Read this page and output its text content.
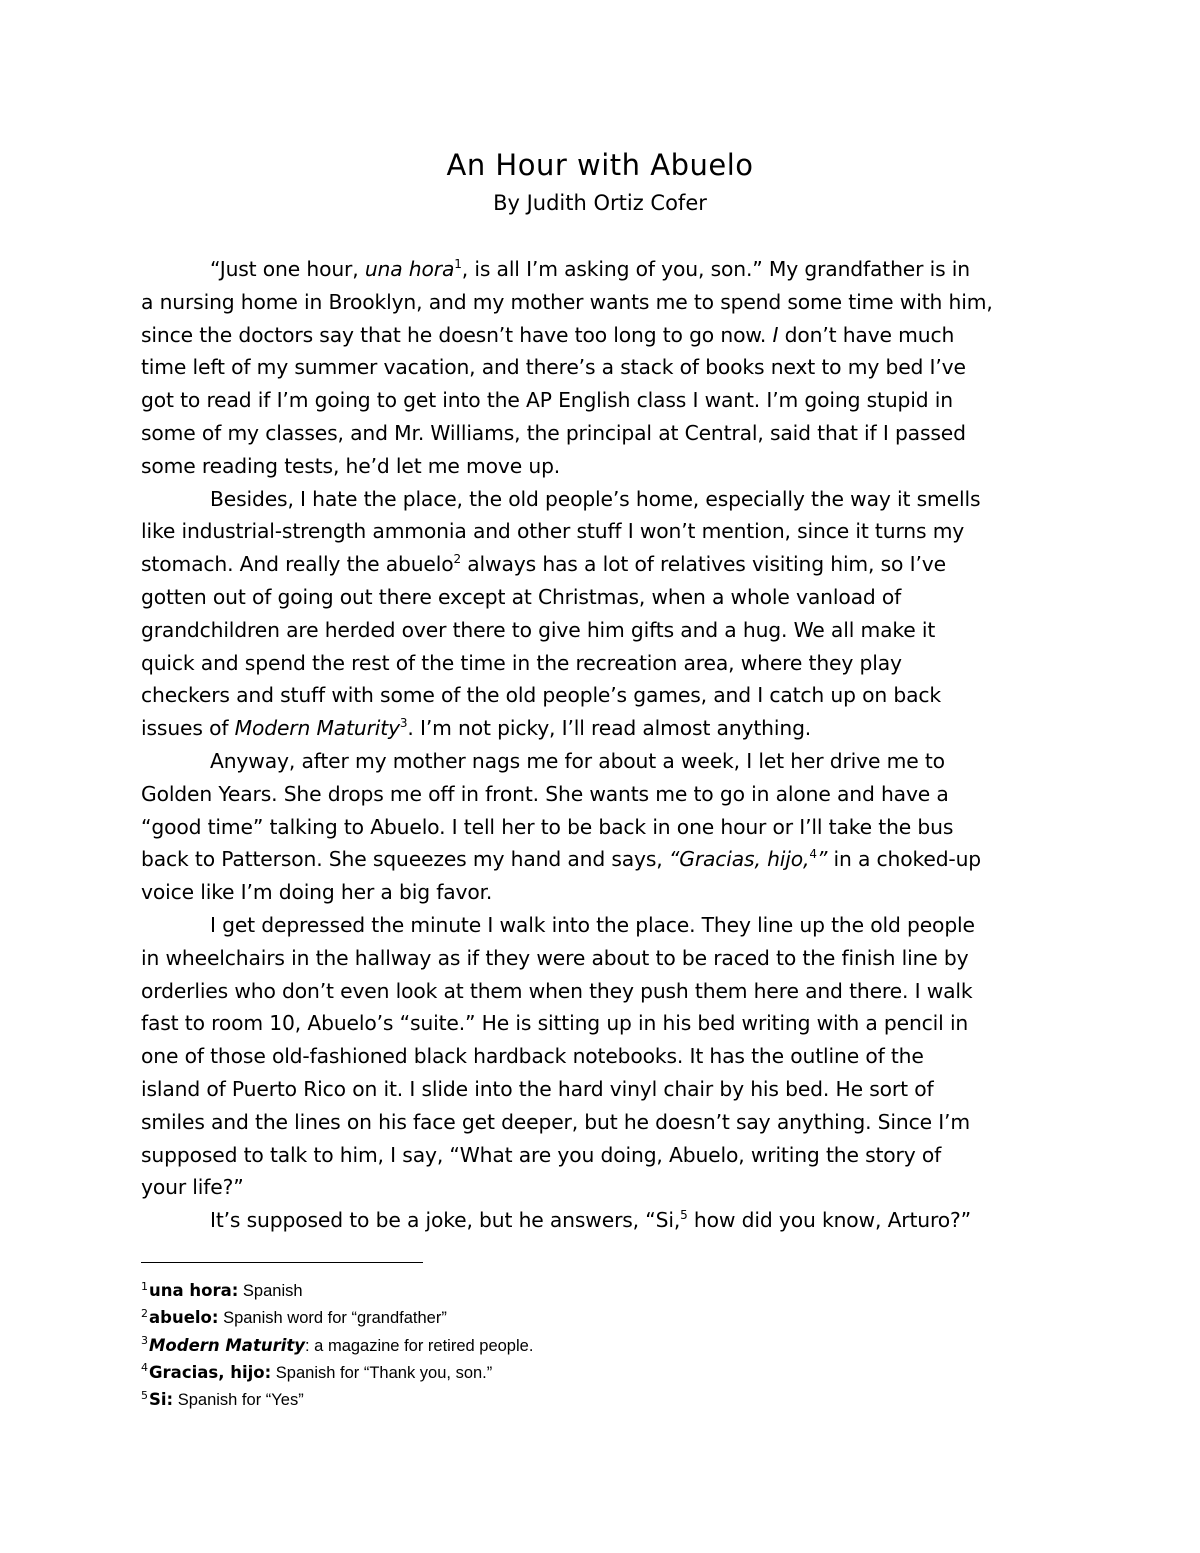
An Hour with Abuelo
By Judith Ortiz Cofer
“Just one hour, una hora$^1$, is all I’m asking of you, son.” My grandfather is in
a nursing home in Brooklyn, and my mother wants me to spend some time with him,
since the doctors say that he doesn’t have too long to go now. I don’t have much
time left of my summer vacation, and there’s a stack of books next to my bed I’ve
got to read if I’m going to get into the AP English class I want. I’m going stupid in
some of my classes, and Mr. Williams, the principal at Central, said that if I passed
some reading tests, he’d let me move up.
Besides, I hate the place, the old people’s home, especially the way it smells
like industrial-strength ammonia and other stuff I won’t mention, since it turns my
stomach. And really the abuelo$^2$ always has a lot of relatives visiting him, so I’ve
gotten out of going out there except at Christmas, when a whole vanload of
grandchildren are herded over there to give him gifts and a hug. We all make it
quick and spend the rest of the time in the recreation area, where they play
checkers and stuff with some of the old people’s games, and I catch up on back
issues of Modern Maturity$^3$. I’m not picky, I’ll read almost anything.
Anyway, after my mother nags me for about a week, I let her drive me to
Golden Years. She drops me off in front. She wants me to go in alone and have a
“good time” talking to Abuelo. I tell her to be back in one hour or I’ll take the bus
back to Patterson. She squeezes my hand and says, “Gracias, hijo,$^4$” in a choked-up
voice like I’m doing her a big favor.
I get depressed the minute I walk into the place. They line up the old people
in wheelchairs in the hallway as if they were about to be raced to the finish line by
orderlies who don’t even look at them when they push them here and there. I walk
fast to room 10, Abuelo’s “suite.” He is sitting up in his bed writing with a pencil in
one of those old-fashioned black hardback notebooks. It has the outline of the
island of Puerto Rico on it. I slide into the hard vinyl chair by his bed. He sort of
smiles and the lines on his face get deeper, but he doesn’t say anything. Since I’m
supposed to talk to him, I say, “What are you doing, Abuelo, writing the story of
your life?”
It’s supposed to be a joke, but he answers, “Si,$^5$ how did you know, Arturo?”
$^1$una hora: Spanish
$^2$abuelo: Spanish word for “grandfather”
$^3$Modern Maturity: a magazine for retired people.
$^4$Gracias, hijo: Spanish for “Thank you, son.”
$^5$Si: Spanish for “Yes”
